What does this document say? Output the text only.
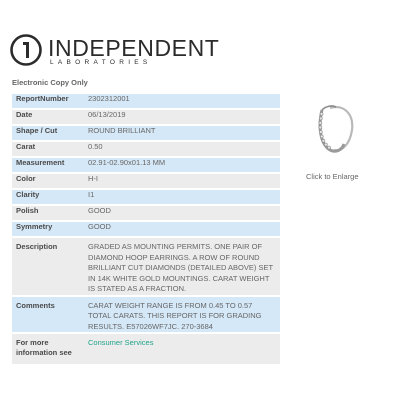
INDEPENDENT
LABORATORIES
Electronic Copy Only
ReportNumber	2302312001
Date	06/13/2019
Shape / Cut	ROUND BRILLIANT
Carat	0.50
Measurement	02.91-02.90x01.13 MM
Color	H-I
Clarity	I1
Polish	GOOD
Symmetry	GOOD
Description	GRADED AS MOUNTING PERMITS. ONE PAIR OF DIAMOND HOOP EARRINGS. A ROW OF ROUND BRILLIANT CUT DIAMONDS (DETAILED ABOVE) SET IN 14K WHITE GOLD MOUNTINGS. CARAT WEIGHT IS STATED AS A FRACTION.
Comments	CARAT WEIGHT RANGE IS FROM 0.45 TO 0.57 TOTAL CARATS. THIS REPORT IS FOR GRADING RESULTS. E57026WF7JC. 270-3684
For more information see	Consumer Services
Click to Enlarge
